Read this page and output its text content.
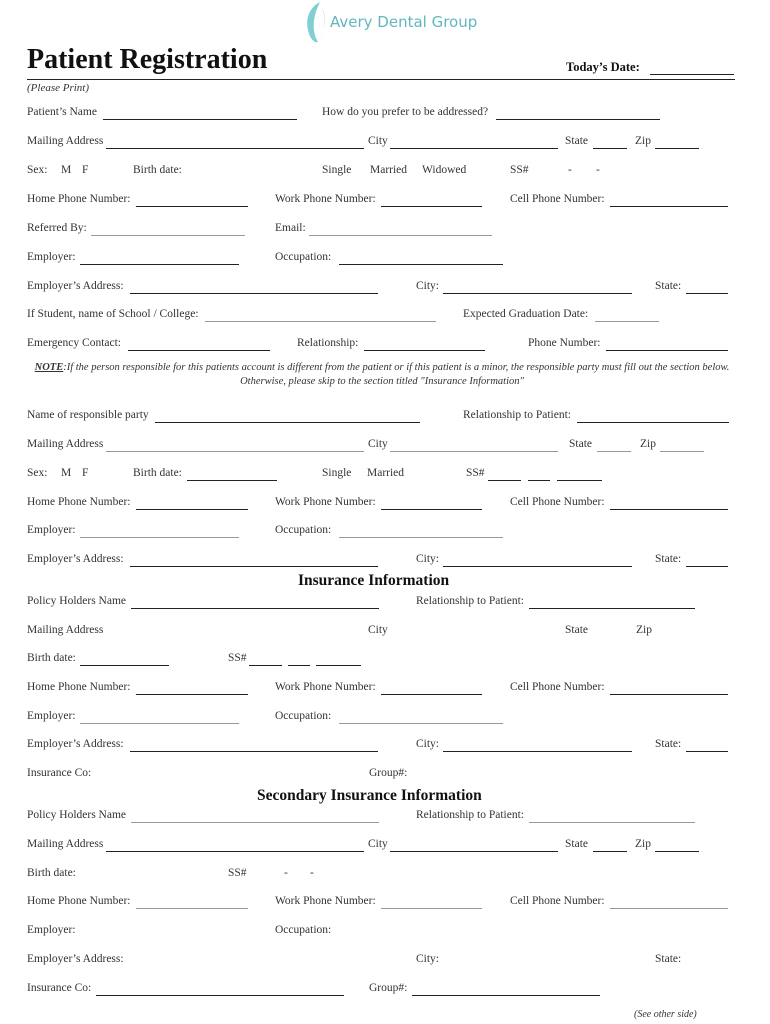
Avery Dental Group
Patient Registration	Today’s Date:
(Please Print)
Patient’s Name	How do you prefer to be addressed?
Mailing Address	City	State	Zip
Sex: M F	Birth date:	Single Married Widowed	SS#	- -
Home Phone Number:	Work Phone Number:	Cell Phone Number:
Referred By:	Email:
Employer:	Occupation:
Employer’s Address:	City:	State:
If Student, name of School / College:	Expected Graduation Date:
Emergency Contact:	Relationship:	Phone Number:
NOTE:If the person responsible for this patients account is different from the patient or if this patient is a minor, the responsible party must fill out the section below. Otherwise, please skip to the section titled "Insurance Information"
Name of responsible party	Relationship to Patient:
Mailing Address	City	State	Zip
Sex: M F	Birth date:	Single Married	SS#
Home Phone Number:	Work Phone Number:	Cell Phone Number:
Employer:	Occupation:
Employer’s Address:	City:	State:
Insurance Information
Policy Holders Name	Relationship to Patient:
Mailing Address	City	State	Zip
Birth date:	SS#
Home Phone Number:	Work Phone Number:	Cell Phone Number:
Employer:	Occupation:
Employer’s Address:	City:	State:
Insurance Co:	Group#:
Secondary Insurance Information
Policy Holders Name	Relationship to Patient:
Mailing Address	City	State	Zip
Birth date:	SS#	- -
Home Phone Number:	Work Phone Number:	Cell Phone Number:
Employer:	Occupation:
Employer’s Address:	City:	State:
Insurance Co:	Group#:
(See other side)
